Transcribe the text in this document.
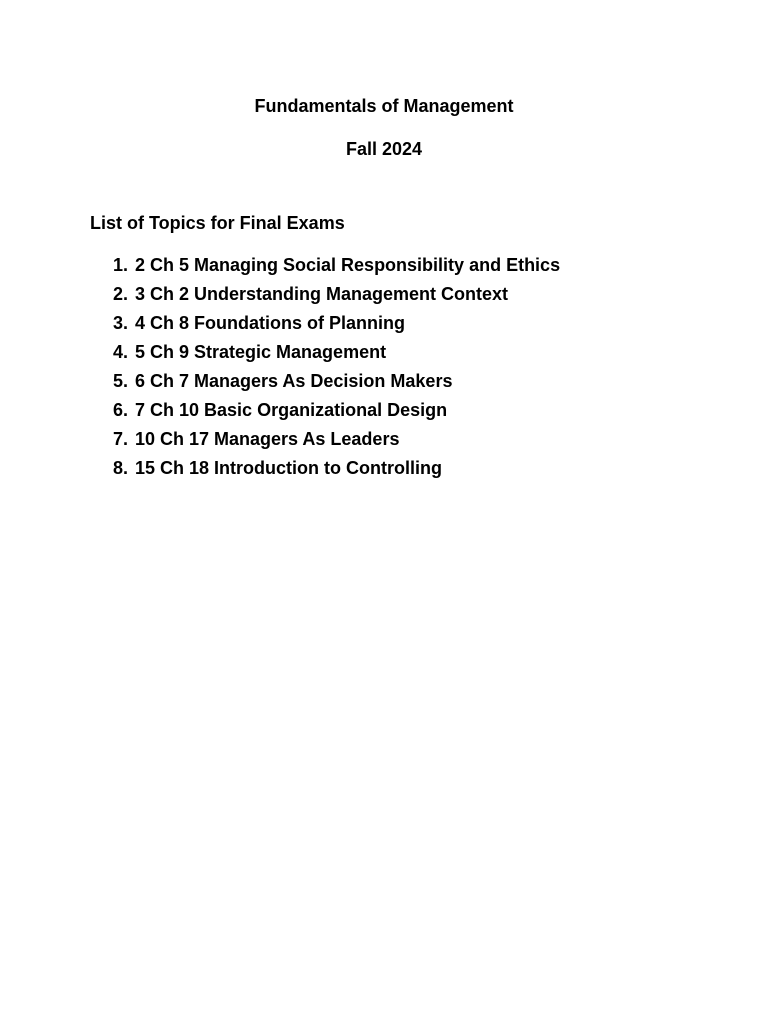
Fundamentals of Management
Fall 2024
List of Topics for Final Exams
1. 2 Ch 5 Managing Social Responsibility and Ethics
2. 3 Ch 2 Understanding Management Context
3. 4 Ch 8 Foundations of Planning
4. 5 Ch 9 Strategic Management
5. 6 Ch 7 Managers As Decision Makers
6. 7 Ch 10 Basic Organizational Design
7. 10 Ch 17 Managers As Leaders
8. 15 Ch 18 Introduction to Controlling
